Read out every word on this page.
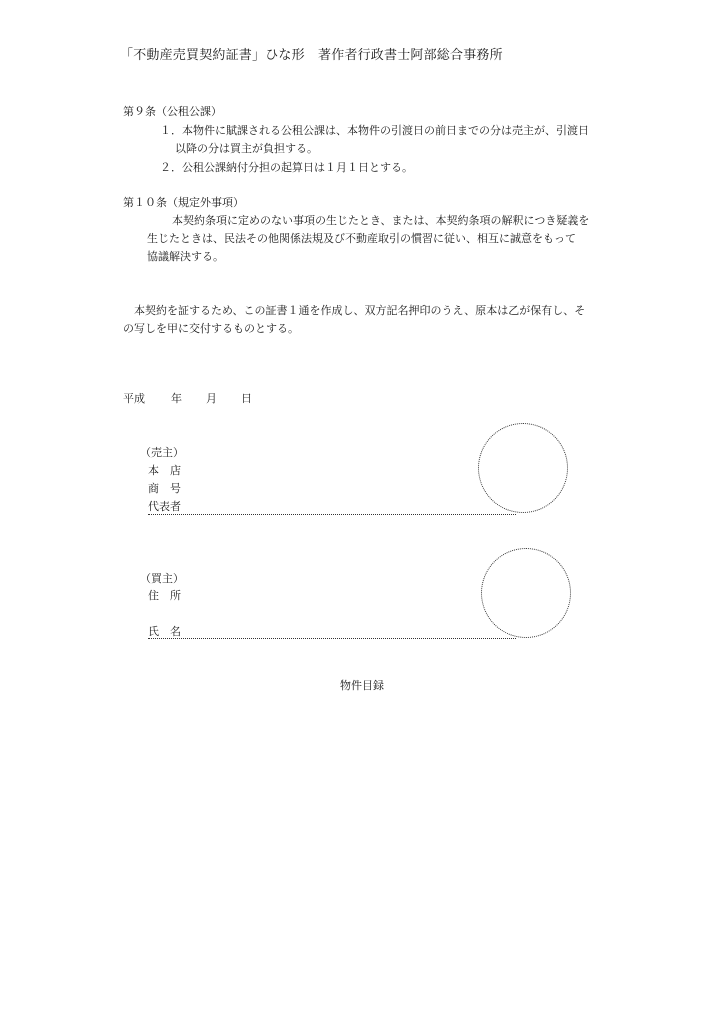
「不動産売買契約証書」ひな形　著作者行政書士阿部総合事務所
第９条（公租公課）
１．本物件に賦課される公租公課は、本物件の引渡日の前日までの分は売主が、引渡日
以降の分は買主が負担する。
２．公租公課納付分担の起算日は１月１日とする。
第１０条（規定外事項）
本契約条項に定めのない事項の生じたとき、または、本契約条項の解釈につき疑義を
生じたときは、民法その他関係法規及び不動産取引の慣習に従い、相互に誠意をもって
協議解決する。
本契約を証するため、この証書１通を作成し、双方記名押印のうえ、原本は乙が保有し、そ
の写しを甲に交付するものとする。
平成 年 月 日
（売主）
本　店
商　号
代表者
（買主）
住　所
氏　名
物件目録
